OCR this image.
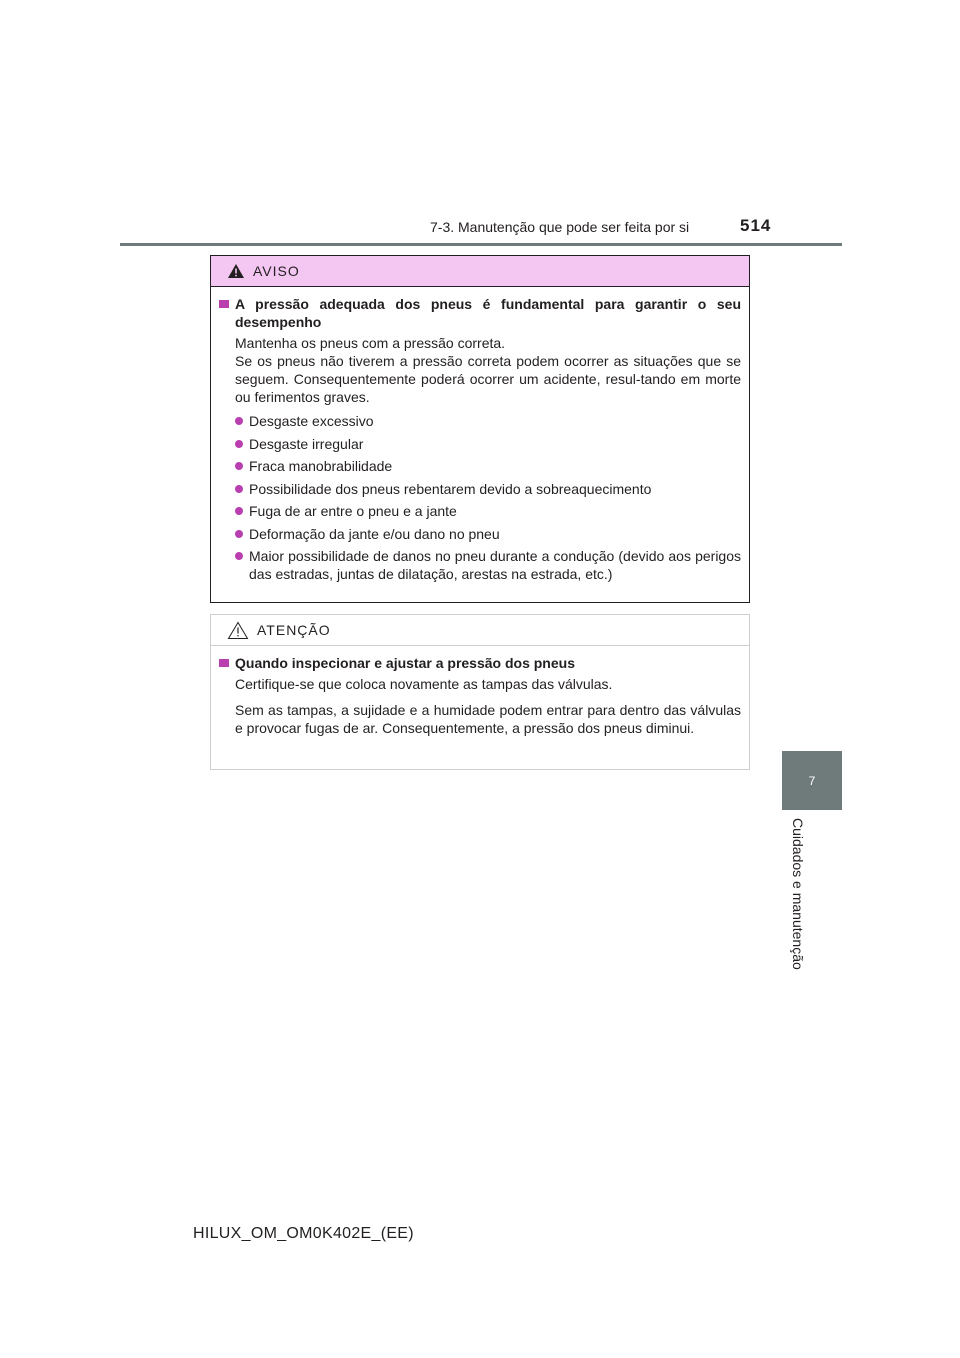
7-3. Manutenção que pode ser feita por si	514
7
Cuidados e manutenção
AVISO
A pressão adequada dos pneus é fundamental para garantir o seu desempenho

Mantenha os pneus com a pressão correta.

Se os pneus não tiverem a pressão correta podem ocorrer as situações que se seguem. Consequentemente poderá ocorrer um acidente, resul-tando em morte ou ferimentos graves.

Desgaste excessivo
Desgaste irregular
Fraca manobrabilidade
Possibilidade dos pneus rebentarem devido a sobreaquecimento
Fuga de ar entre o pneu e a jante
Deformação da jante e/ou dano no pneu
Maior possibilidade de danos no pneu durante a condução (devido aos perigos das estradas, juntas de dilatação, arestas na estrada, etc.)
ATENÇÃO
Quando inspecionar e ajustar a pressão dos pneus

Certifique-se que coloca novamente as tampas das válvulas.

Sem as tampas, a sujidade e a humidade podem entrar para dentro das válvulas e provocar fugas de ar. Consequentemente, a pressão dos pneus diminui.

HILUX_OM_OM0K402E_(EE)
